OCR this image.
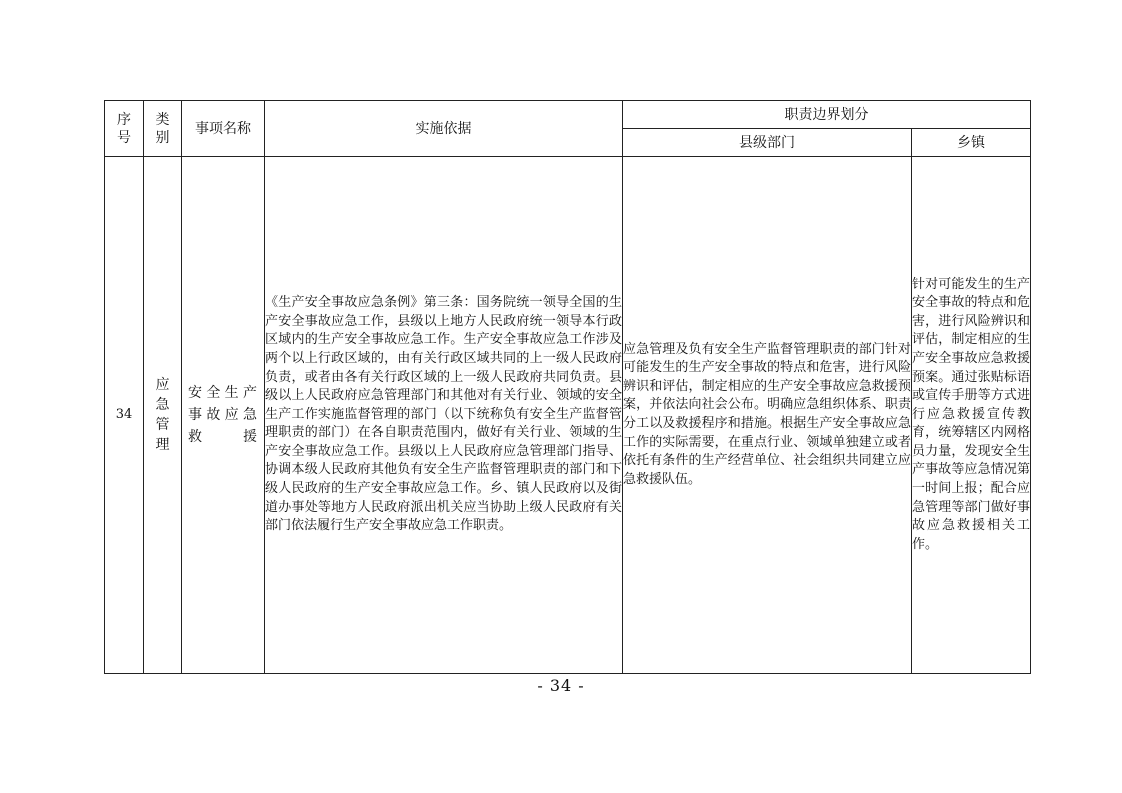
序号	类别	事项名称	实施依据	职责边界划分	
				县级部门	乡镇
34	应急管理	安全生产事故应急救援	《生产安全事故应急条例》第三条：国务院统一领导全国的生产安全事故应急工作，县级以上地方人民政府统一领导本行政区域内的生产安全事故应急工作。生产安全事故应急工作涉及两个以上行政区域的，由有关行政区域共同的上一级人民政府负责，或者由各有关行政区域的上一级人民政府共同负责。县级以上人民政府应急管理部门和其他对有关行业、领域的安全生产工作实施监督管理的部门（以下统称负有安全生产监督管理职责的部门）在各自职责范围内，做好有关行业、领域的生产安全事故应急工作。县级以上人民政府应急管理部门指导、协调本级人民政府其他负有安全生产监督管理职责的部门和下级人民政府的生产安全事故应急工作。乡、镇人民政府以及街道办事处等地方人民政府派出机关应当协助上级人民政府有关部门依法履行生产安全事故应急工作职责。	应急管理及负有安全生产监督管理职责的部门针对可能发生的生产安全事故的特点和危害，进行风险辨识和评估，制定相应的生产安全事故应急救援预案，并依法向社会公布。明确应急组织体系、职责分工以及救援程序和措施。根据生产安全事故应急工作的实际需要，在重点行业、领域单独建立或者依托有条件的生产经营单位、社会组织共同建立应急救援队伍。	针对可能发生的生产安全事故的特点和危害，进行风险辨识和评估，制定相应的生产安全事故应急救援预案。通过张贴标语或宣传手册等方式进行应急救援宣传教育，统筹辖区内网格员力量，发现安全生产事故等应急情况第一时间上报；配合应急管理等部门做好事故应急救援相关工作。
- 34 -
